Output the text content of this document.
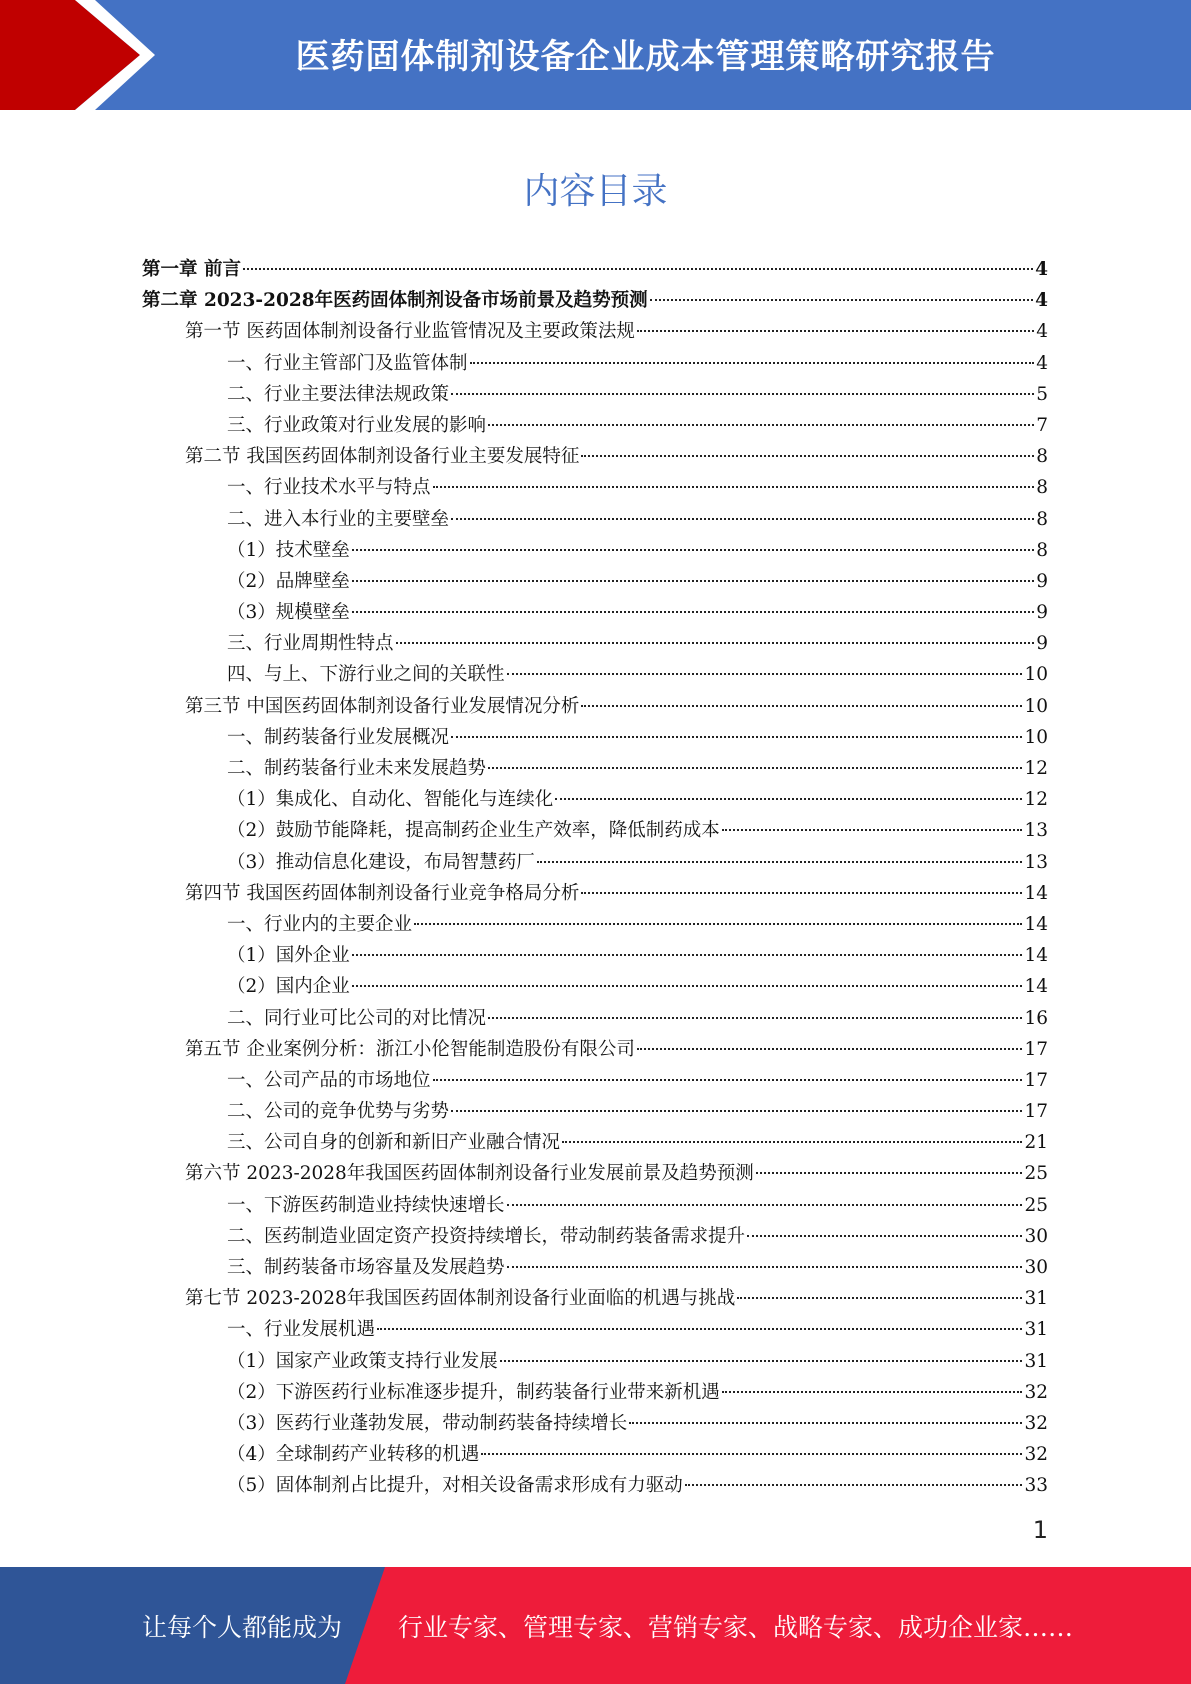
医药固体制剂设备企业成本管理策略研究报告
内容目录
第一章 前言	4
第二章 2023-2028年医药固体制剂设备市场前景及趋势预测	4
第一节 医药固体制剂设备行业监管情况及主要政策法规	4
一、行业主管部门及监管体制	4
二、行业主要法律法规政策	5
三、行业政策对行业发展的影响	7
第二节 我国医药固体制剂设备行业主要发展特征	8
一、行业技术水平与特点	8
二、进入本行业的主要壁垒	8
（1）技术壁垒	8
（2）品牌壁垒	9
（3）规模壁垒	9
三、行业周期性特点	9
四、与上、下游行业之间的关联性	10
第三节 中国医药固体制剂设备行业发展情况分析	10
一、制药装备行业发展概况	10
二、制药装备行业未来发展趋势	12
（1）集成化、自动化、智能化与连续化	12
（2）鼓励节能降耗，提高制药企业生产效率，降低制药成本	13
（3）推动信息化建设，布局智慧药厂	13
第四节 我国医药固体制剂设备行业竞争格局分析	14
一、行业内的主要企业	14
（1）国外企业	14
（2）国内企业	14
二、同行业可比公司的对比情况	16
第五节 企业案例分析：浙江小伦智能制造股份有限公司	17
一、公司产品的市场地位	17
二、公司的竞争优势与劣势	17
三、公司自身的创新和新旧产业融合情况	21
第六节 2023-2028年我国医药固体制剂设备行业发展前景及趋势预测	25
一、下游医药制造业持续快速增长	25
二、医药制造业固定资产投资持续增长，带动制药装备需求提升	30
三、制药装备市场容量及发展趋势	30
第七节 2023-2028年我国医药固体制剂设备行业面临的机遇与挑战	31
一、行业发展机遇	31
（1）国家产业政策支持行业发展	31
（2）下游医药行业标准逐步提升，制药装备行业带来新机遇	32
（3）医药行业蓬勃发展，带动制药装备持续增长	32
（4）全球制药产业转移的机遇	32
（5）固体制剂占比提升，对相关设备需求形成有力驱动	33
1
让每个人都能成为 行业专家、管理专家、营销专家、战略专家、成功企业家……
